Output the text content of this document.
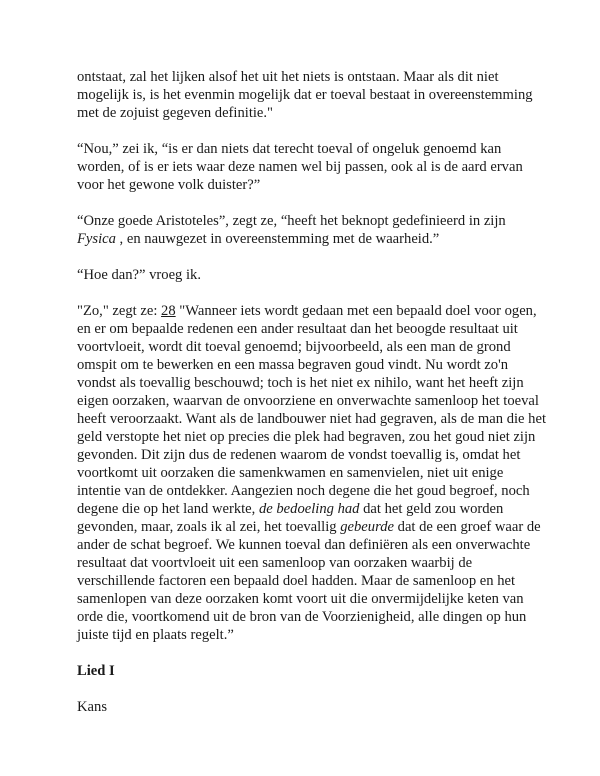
ontstaat, zal het lijken alsof het uit het niets is ontstaan. Maar als dit niet mogelijk is, is het evenmin mogelijk dat er toeval bestaat in overeenstemming met de zojuist gegeven definitie."

“Nou,” zei ik, “is er dan niets dat terecht toeval of ongeluk genoemd kan worden, of is er iets waar deze namen wel bij passen, ook al is de aard ervan voor het gewone volk duister?”

“Onze goede Aristoteles”, zegt ze, “heeft het beknopt gedefinieerd in zijn Fysica , en nauwgezet in overeenstemming met de waarheid.”

“Hoe dan?” vroeg ik.

"Zo," zegt ze: 28 "Wanneer iets wordt gedaan met een bepaald doel voor ogen, en er om bepaalde redenen een ander resultaat dan het beoogde resultaat uit voortvloeit, wordt dit toeval genoemd; bijvoorbeeld, als een man de grond omspit om te bewerken en een massa begraven goud vindt. Nu wordt zo'n vondst als toevallig beschouwd; toch is het niet ex nihilo, want het heeft zijn eigen oorzaken, waarvan de onvoorziene en onverwachte samenloop het toeval heeft veroorzaakt. Want als de landbouwer niet had gegraven, als de man die het geld verstopte het niet op precies die plek had begraven, zou het goud niet zijn gevonden. Dit zijn dus de redenen waarom de vondst toevallig is, omdat het voortkomt uit oorzaken die samenkwamen en samenvielen, niet uit enige intentie van de ontdekker. Aangezien noch degene die het goud begroef, noch degene die op het land werkte, de bedoeling had dat het geld zou worden gevonden, maar, zoals ik al zei, het toevallig gebeurde dat de een groef waar de ander de schat begroef. We kunnen toeval dan definiëren als een onverwachte resultaat dat voortvloeit uit een samenloop van oorzaken waarbij de verschillende factoren een bepaald doel hadden. Maar de samenloop en het samenlopen van deze oorzaken komt voort uit die onvermijdelijke keten van orde die, voortkomend uit de bron van de Voorzienigheid, alle dingen op hun juiste tijd en plaats regelt.”

Lied I

Kans
